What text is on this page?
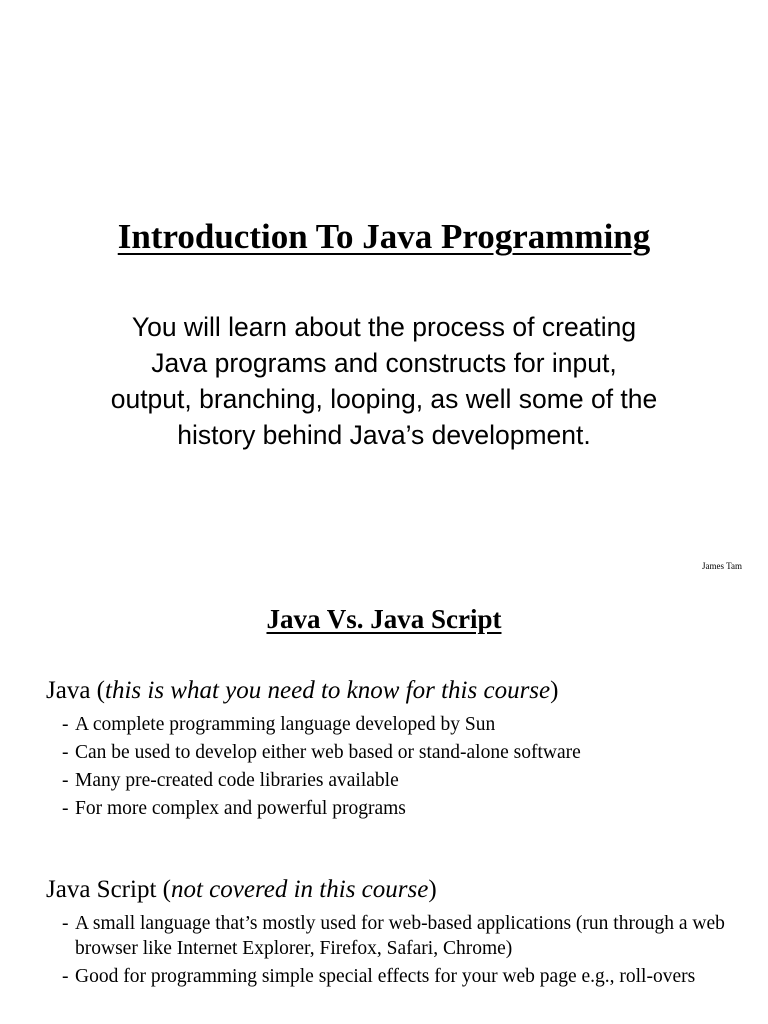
Introduction To Java Programming
You will learn about the process of creating Java programs and constructs for input, output, branching, looping, as well some of the history behind Java’s development.
James Tam
Java Vs. Java Script
Java (this is what you need to know for this course)
- A complete programming language developed by Sun
- Can be used to develop either web based or stand-alone software
- Many pre-created code libraries available
- For more complex and powerful programs
Java Script (not covered in this course)
- A small language that’s mostly used for web-based applications (run through a web browser like Internet Explorer, Firefox, Safari, Chrome)
- Good for programming simple special effects for your web page e.g., roll-overs
